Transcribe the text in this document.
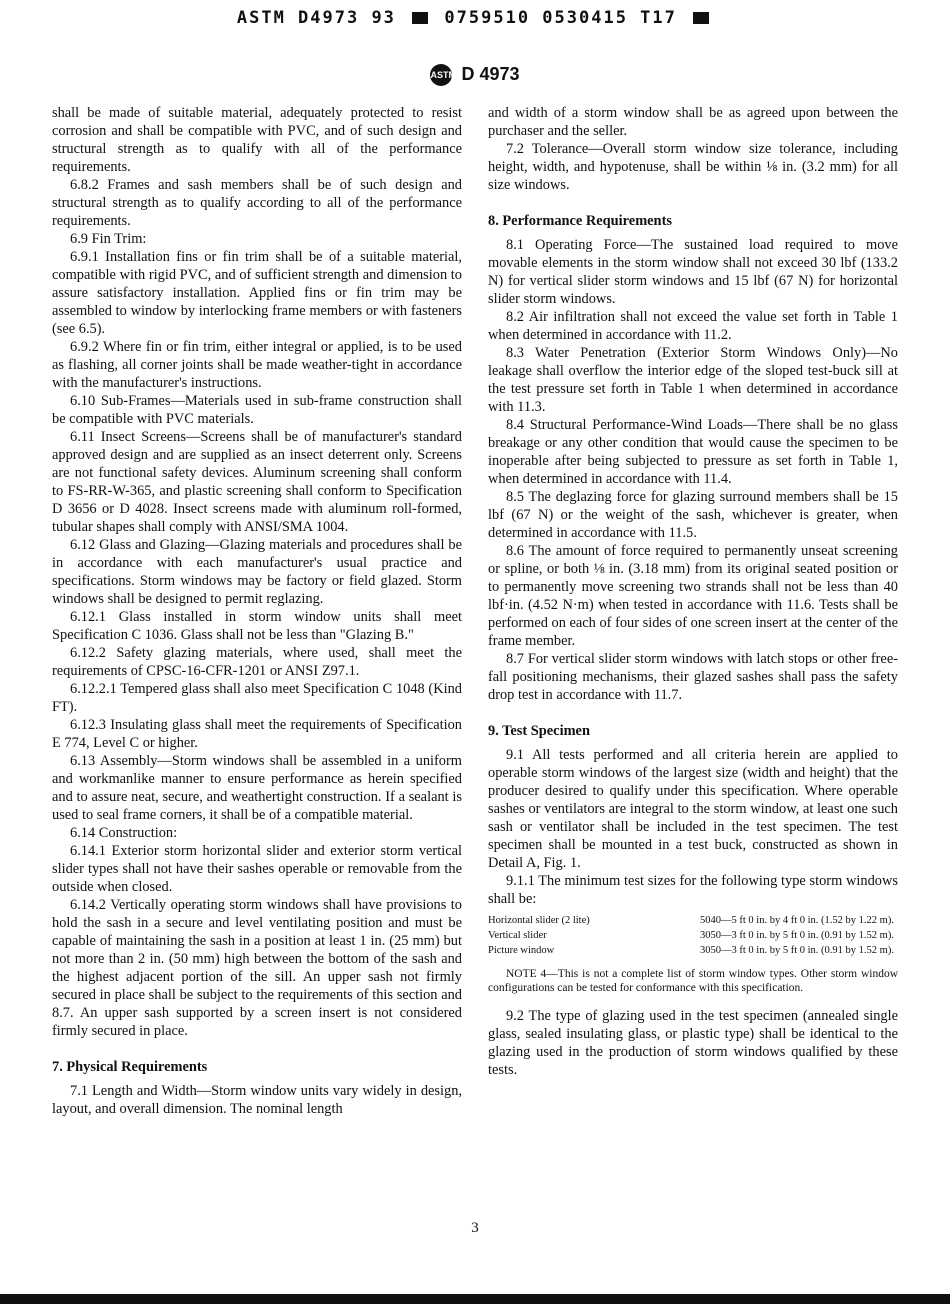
ASTM D4973 93	0759510 0530415 T17
ASTM D 4973

shall be made of suitable material, adequately protected to resist corrosion and shall be compatible with PVC, and of such design and structural strength as to qualify with all of the performance requirements.

6.8.2 Frames and sash members shall be of such design and structural strength as to qualify according to all of the performance requirements.

6.9 Fin Trim:

6.9.1 Installation fins or fin trim shall be of a suitable material, compatible with rigid PVC, and of sufficient strength and dimension to assure satisfactory installation. Applied fins or fin trim may be assembled to window by interlocking frame members or with fasteners (see 6.5).

6.9.2 Where fin or fin trim, either integral or applied, is to be used as flashing, all corner joints shall be made weather-tight in accordance with the manufacturer's instructions.

6.10 Sub-Frames—Materials used in sub-frame construction shall be compatible with PVC materials.

6.11 Insect Screens—Screens shall be of manufacturer's standard approved design and are supplied as an insect deterrent only. Screens are not functional safety devices. Aluminum screening shall conform to FS-RR-W-365, and plastic screening shall conform to Specification D 3656 or D 4028. Insect screens made with aluminum roll-formed, tubular shapes shall comply with ANSI/SMA 1004.

6.12 Glass and Glazing—Glazing materials and procedures shall be in accordance with each manufacturer's usual practice and specifications. Storm windows may be factory or field glazed. Storm windows shall be designed to permit reglazing.

6.12.1 Glass installed in storm window units shall meet Specification C 1036. Glass shall not be less than "Glazing B."

6.12.2 Safety glazing materials, where used, shall meet the requirements of CPSC-16-CFR-1201 or ANSI Z97.1.

6.12.2.1 Tempered glass shall also meet Specification C 1048 (Kind FT).

6.12.3 Insulating glass shall meet the requirements of Specification E 774, Level C or higher.

6.13 Assembly—Storm windows shall be assembled in a uniform and workmanlike manner to ensure performance as herein specified and to assure neat, secure, and weathertight construction. If a sealant is used to seal frame corners, it shall be of a compatible material.

6.14 Construction:

6.14.1 Exterior storm horizontal slider and exterior storm vertical slider types shall not have their sashes operable or removable from the outside when closed.

6.14.2 Vertically operating storm windows shall have provisions to hold the sash in a secure and level ventilating position and must be capable of maintaining the sash in a position at least 1 in. (25 mm) but not more than 2 in. (50 mm) high between the bottom of the sash and the highest adjacent portion of the sill. An upper sash not firmly secured in place shall be subject to the requirements of this section and 8.7. An upper sash supported by a screen insert is not considered firmly secured in place.

7. Physical Requirements

7.1 Length and Width—Storm window units vary widely in design, layout, and overall dimension. The nominal length

and width of a storm window shall be as agreed upon between the purchaser and the seller.

7.2 Tolerance—Overall storm window size tolerance, including height, width, and hypotenuse, shall be within ⅛ in. (3.2 mm) for all size windows.

8. Performance Requirements

8.1 Operating Force—The sustained load required to move movable elements in the storm window shall not exceed 30 lbf (133.2 N) for vertical slider storm windows and 15 lbf (67 N) for horizontal slider storm windows.

8.2 Air infiltration shall not exceed the value set forth in Table 1 when determined in accordance with 11.2.

8.3 Water Penetration (Exterior Storm Windows Only)—No leakage shall overflow the interior edge of the sloped test-buck sill at the test pressure set forth in Table 1 when determined in accordance with 11.3.

8.4 Structural Performance-Wind Loads—There shall be no glass breakage or any other condition that would cause the specimen to be inoperable after being subjected to pressure as set forth in Table 1, when determined in accordance with 11.4.

8.5 The deglazing force for glazing surround members shall be 15 lbf (67 N) or the weight of the sash, whichever is greater, when determined in accordance with 11.5.

8.6 The amount of force required to permanently unseat screening or spline, or both ⅛ in. (3.18 mm) from its original seated position or to permanently move screening two strands shall not be less than 40 lbf·in. (4.52 N·m) when tested in accordance with 11.6. Tests shall be performed on each of four sides of one screen insert at the center of the frame member.

8.7 For vertical slider storm windows with latch stops or other free-fall positioning mechanisms, their glazed sashes shall pass the safety drop test in accordance with 11.7.

9. Test Specimen

9.1 All tests performed and all criteria herein are applied to operable storm windows of the largest size (width and height) that the producer desired to qualify under this specification. Where operable sashes or ventilators are integral to the storm window, at least one such sash or ventilator shall be included in the test specimen. The test specimen shall be mounted in a test buck, constructed as shown in Detail A, Fig. 1.

9.1.1 The minimum test sizes for the following type storm windows shall be:

Horizontal slider (2 lite)	5040—5 ft 0 in. by 4 ft 0 in. (1.52 by 1.22 m).
Vertical slider	3050—3 ft 0 in. by 5 ft 0 in. (0.91 by 1.52 m).
Picture window	3050—3 ft 0 in. by 5 ft 0 in. (0.91 by 1.52 m).

NOTE 4—This is not a complete list of storm window types. Other storm window configurations can be tested for conformance with this specification.

9.2 The type of glazing used in the test specimen (annealed single glass, sealed insulating glass, or plastic type) shall be identical to the glazing used in the production of storm windows qualified by these tests.

3
